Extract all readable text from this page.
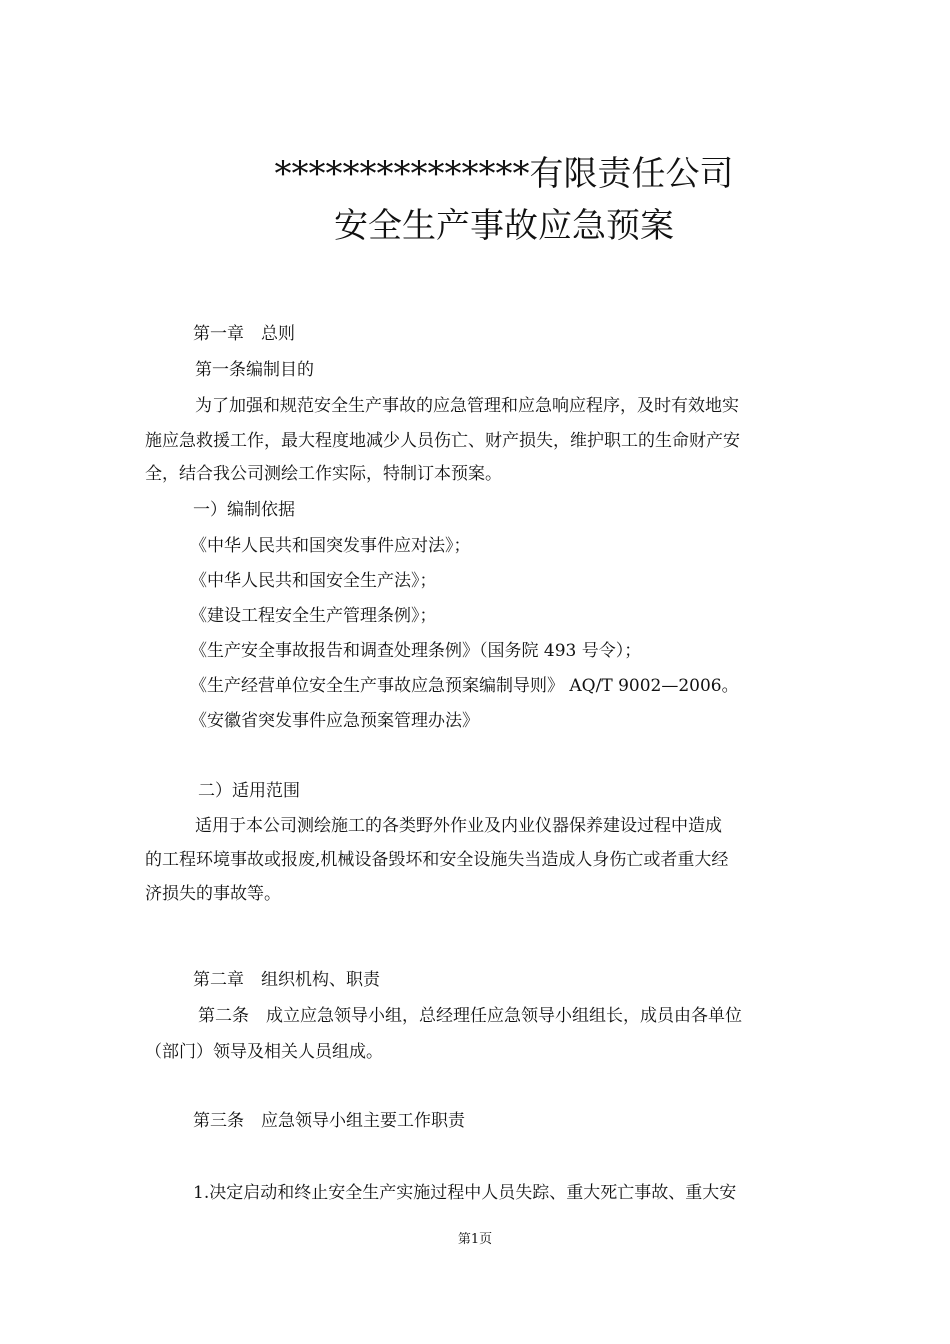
***************有限责任公司
安全生产事故应急预案
第一章　总则
第一条编制目的
为了加强和规范安全生产事故的应急管理和应急响应程序，及时有效地实
施应急救援工作，最大程度地减少人员伤亡、财产损失，维护职工的生命财产安
全，结合我公司测绘工作实际，特制订本预案。
一）编制依据
《中华人民共和国突发事件应对法》；
《中华人民共和国安全生产法》；
《建设工程安全生产管理条例》；
《生产安全事故报告和调查处理条例》（国务院 493 号令）；
《生产经营单位安全生产事故应急预案编制导则》 AQ/T 9002—2006。
《安徽省突发事件应急预案管理办法》
二）适用范围
适用于本公司测绘施工的各类野外作业及内业仪器保养建设过程中造成
的工程环境事故或报废,机械设备毁坏和安全设施失当造成人身伤亡或者重大经
济损失的事故等。
第二章　组织机构、职责
第二条　成立应急领导小组，总经理任应急领导小组组长，成员由各单位
（部门）领导及相关人员组成。
第三条　应急领导小组主要工作职责
1.决定启动和终止安全生产实施过程中人员失踪、重大死亡事故、重大安
第1页
